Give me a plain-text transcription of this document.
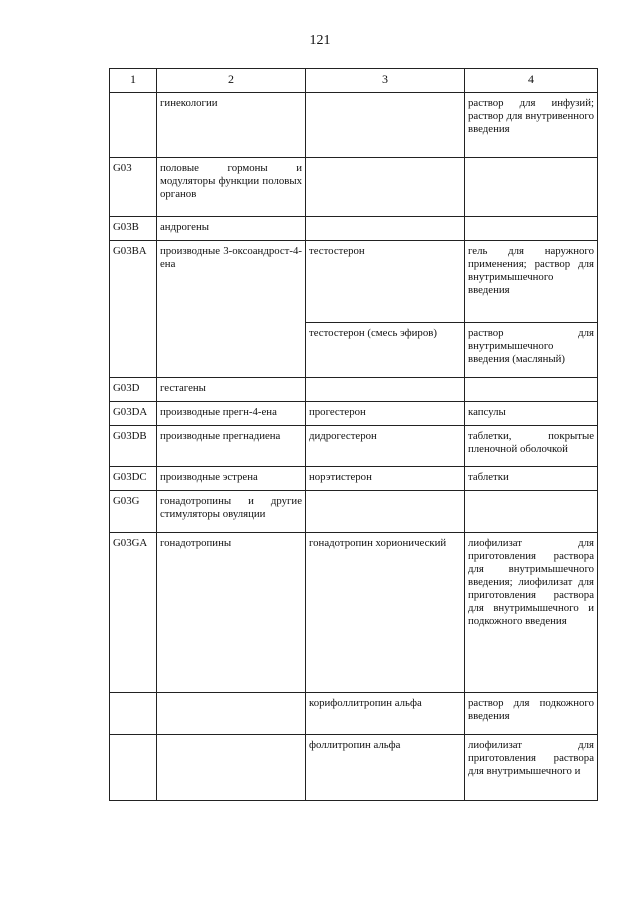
121
1	2	3	4
	гинекологии		раствор для инфузий; раствор для внутривенного введения
G03	половые гормоны и модуляторы функции половых органов		
G03B	андрогены		
G03BA	производные 3-оксоандрост-4-ена	тестостерон	гель для наружного применения; раствор для внутримышечного введения
		тестостерон (смесь эфиров)	раствор для внутримышечного введения (масляный)
G03D	гестагены		
G03DA	производные прегн-4-ена	прогестерон	капсулы
G03DB	производные прегнадиена	дидрогестерон	таблетки, покрытые пленочной оболочкой
G03DC	производные эстрена	норэтистерон	таблетки
G03G	гонадотропины и другие стимуляторы овуляции		
G03GA	гонадотропины	гонадотропин хорионический	лиофилизат для приготовления раствора для внутримышечного введения; лиофилизат для приготовления раствора для внутримышечного и подкожного введения
		корифоллитропин альфа	раствор для подкожного введения
		фоллитропин альфа	лиофилизат для приготовления раствора для внутримышечного и
